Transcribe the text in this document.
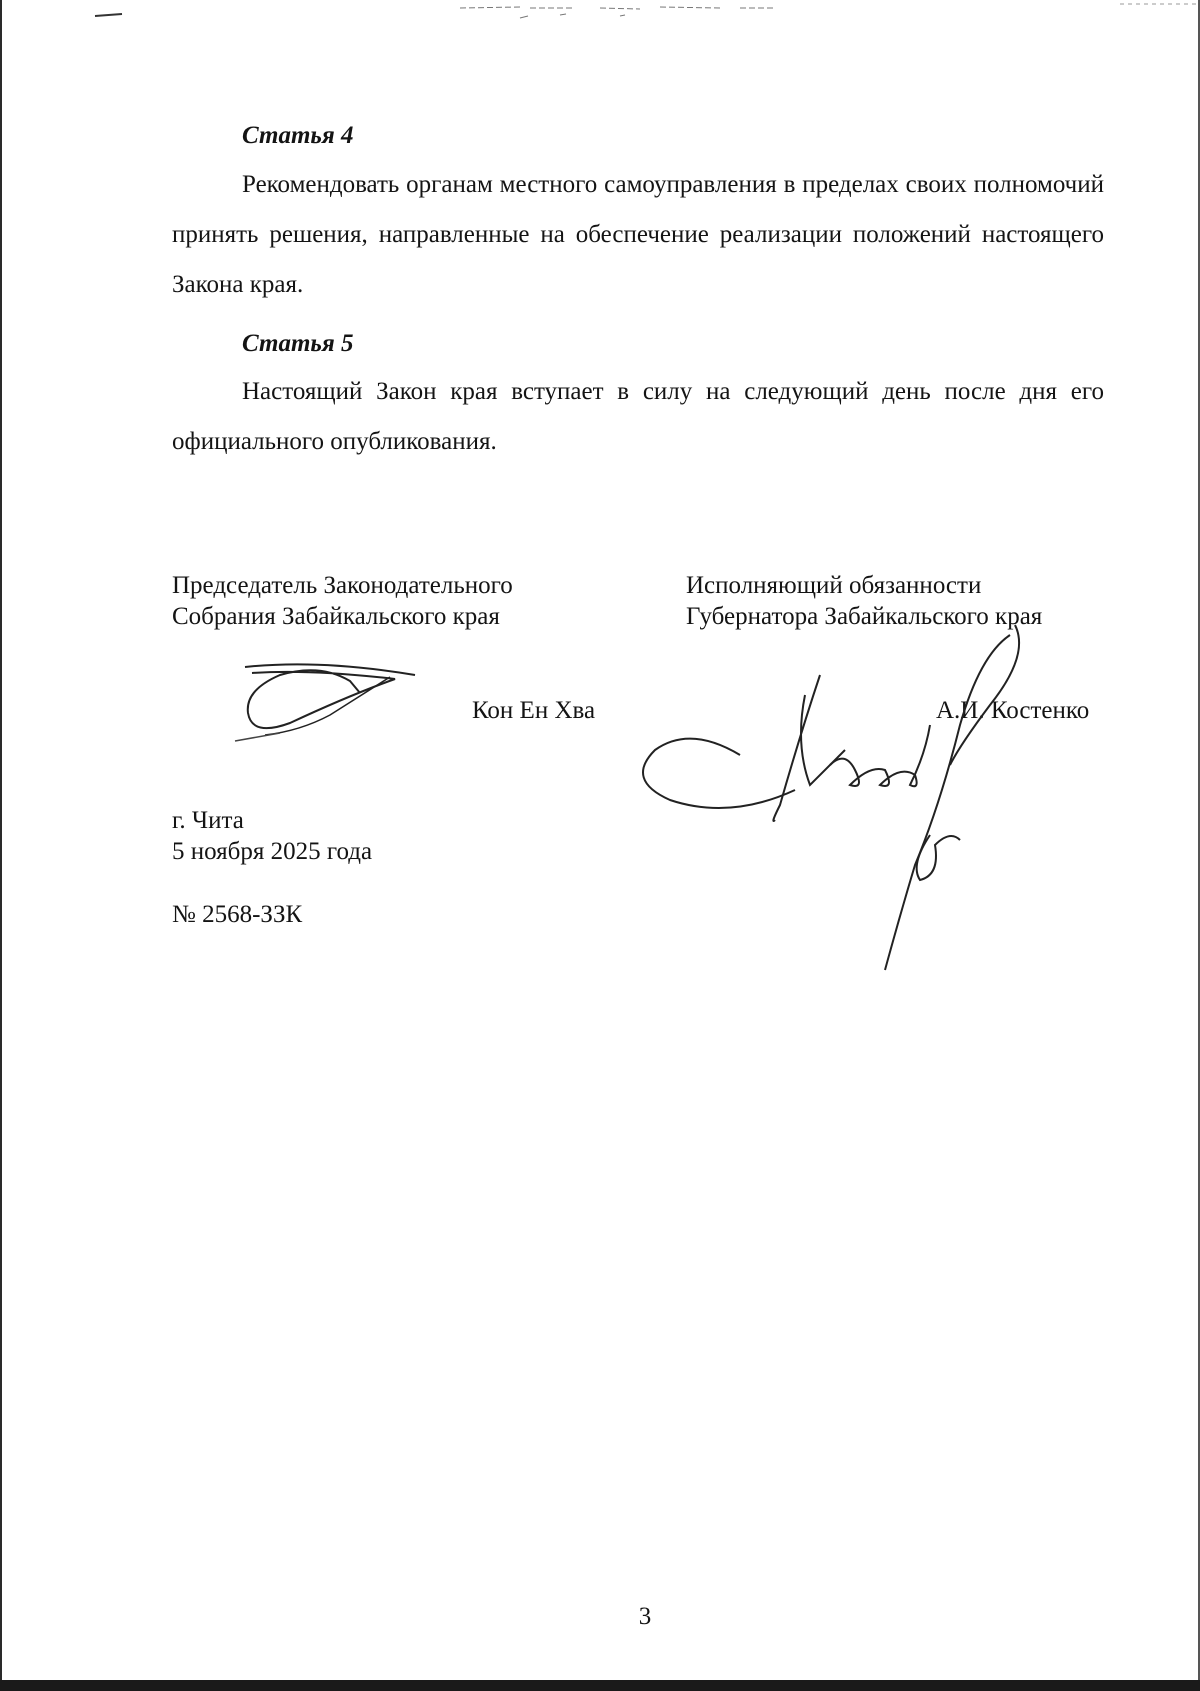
Статья 4

Рекомендовать органам местного самоуправления в пределах своих полномочий принять решения, направленные на обеспечение реализации положений настоящего Закона края.

Статья 5

Настоящий Закон края вступает в силу на следующий день после дня его официального опубликования.

Председатель Законодательного

Собрания Забайкальского края

Кон Ен Хва

Исполняющий обязанности

Губернатора Забайкальского края

А.И. Костенко

г. Чита

5 ноября 2025 года

№ 2568-ЗЗК

3
